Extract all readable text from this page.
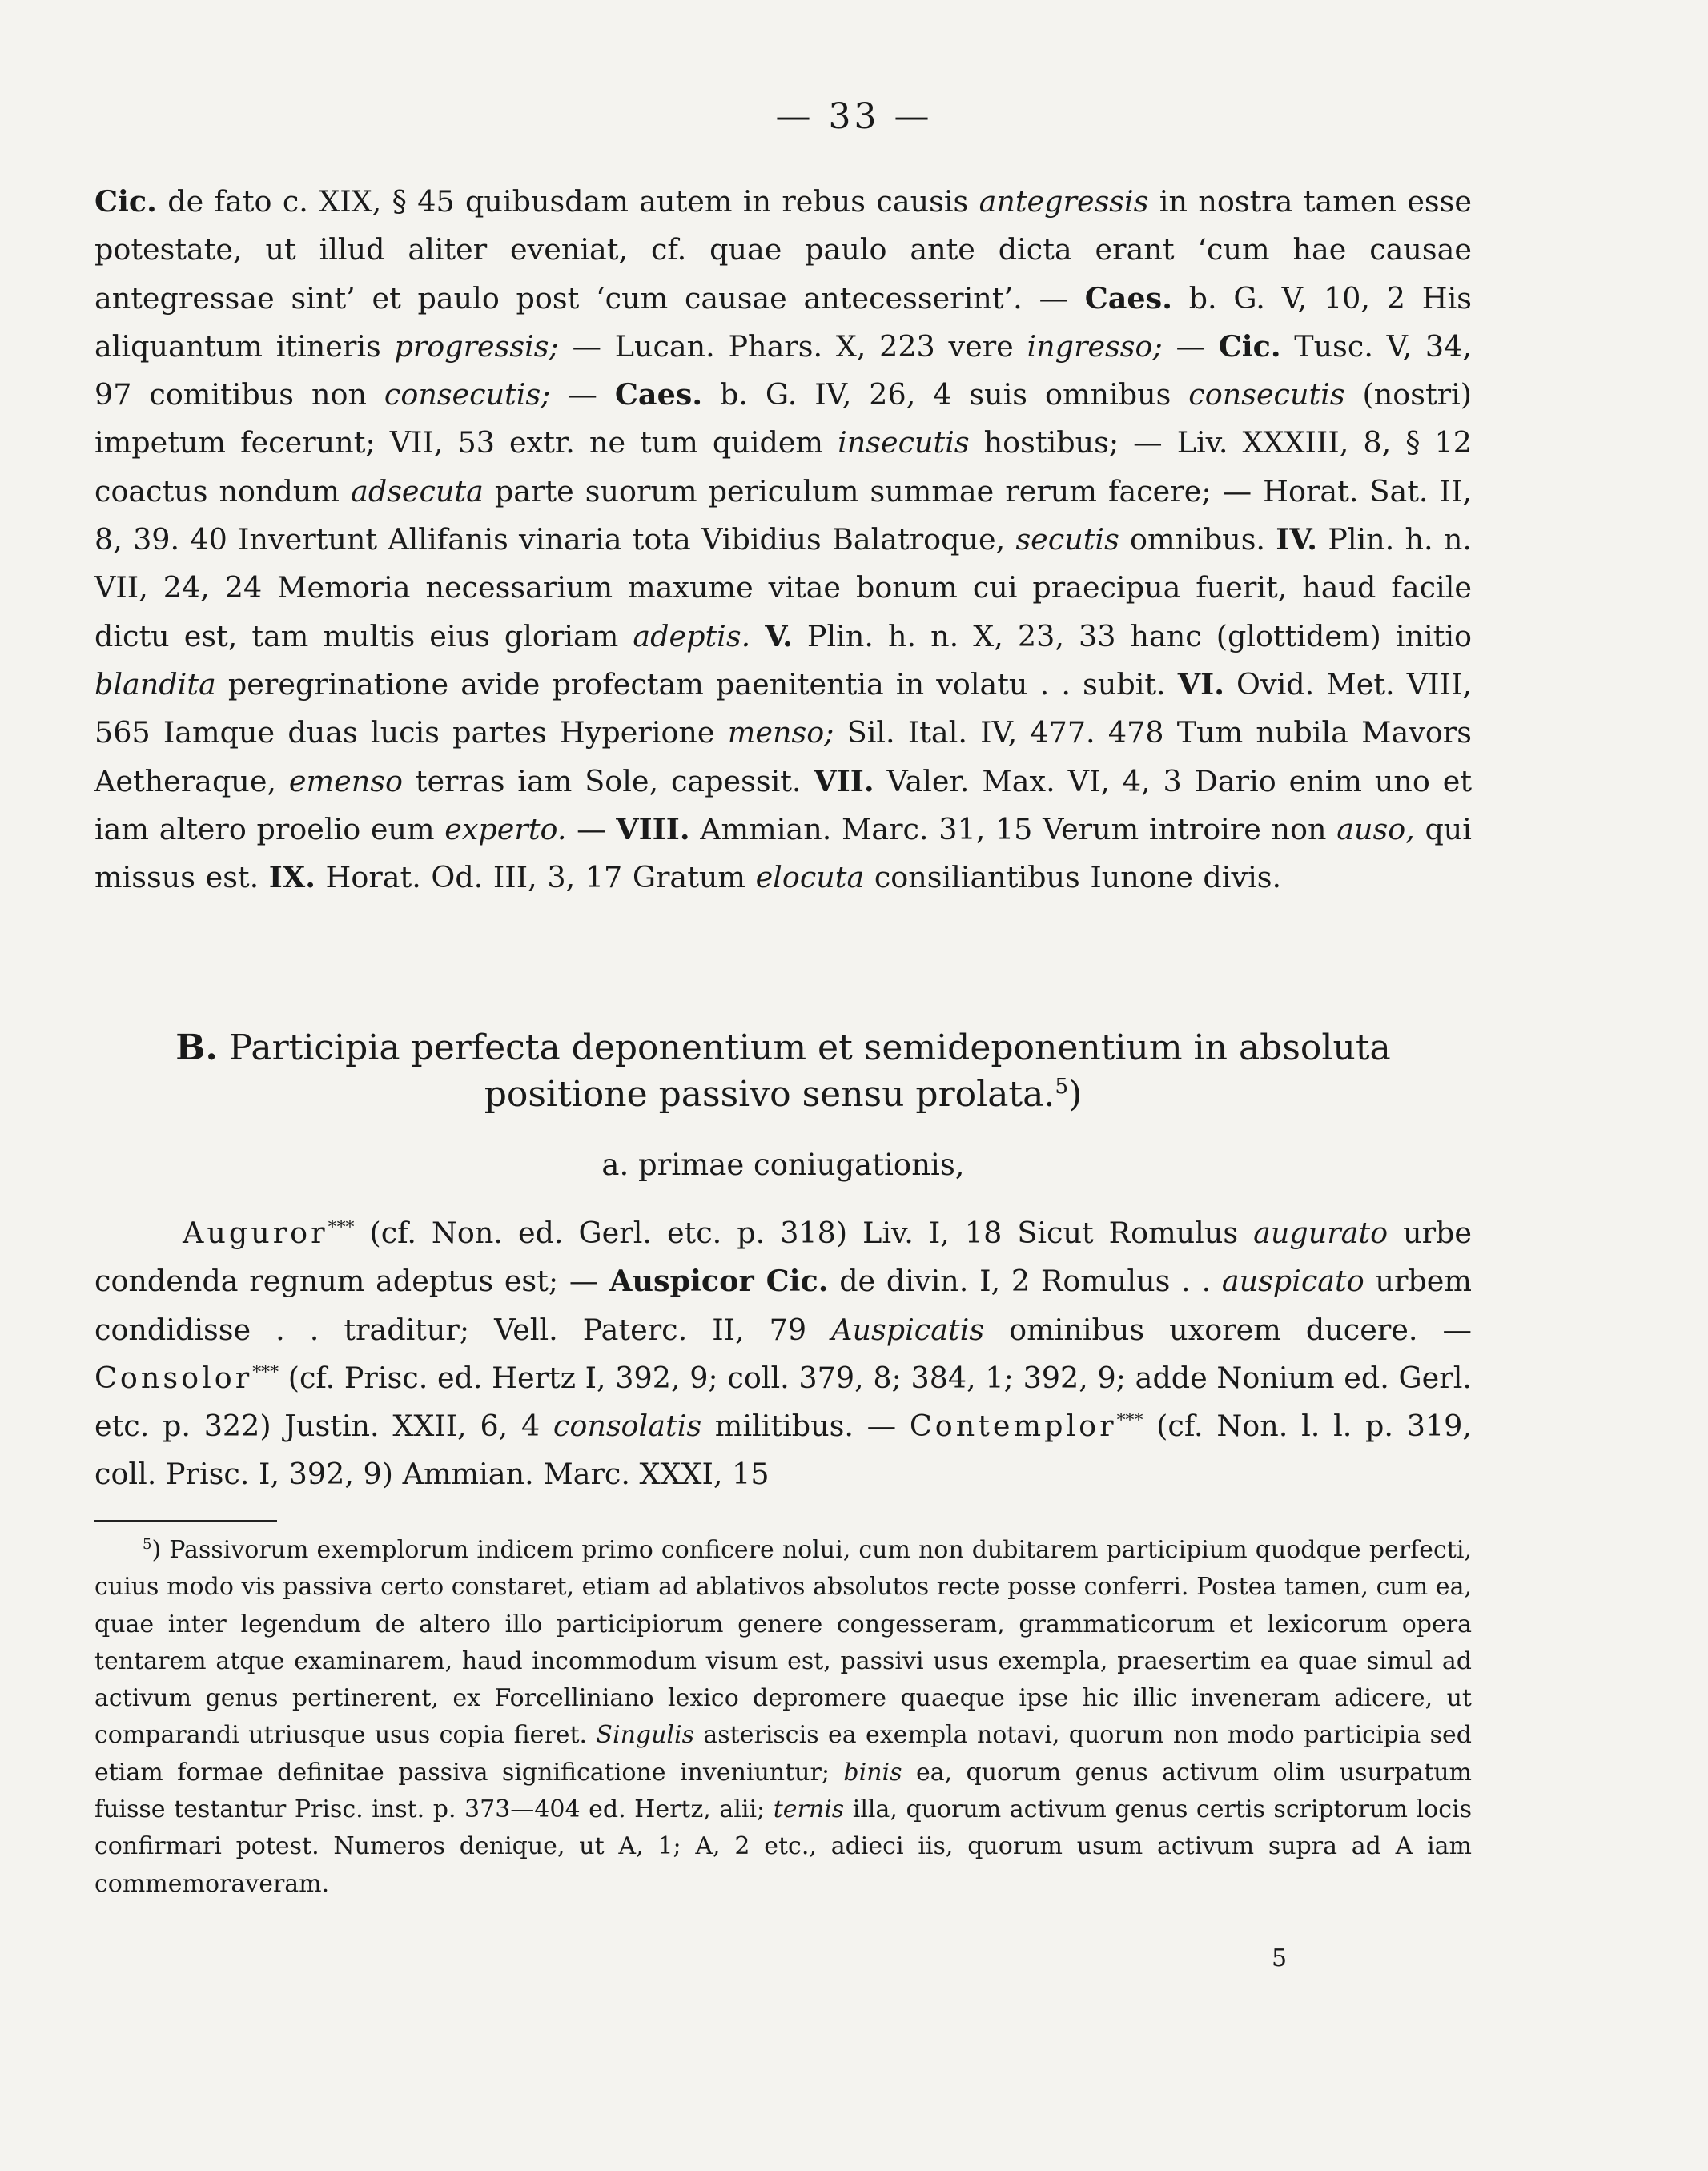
— 33 —
Cic. de fato c. XIX, § 45 quibusdam autem in rebus causis antegressis in nostra tamen esse potestate, ut illud aliter eveniat, cf. quae paulo ante dicta erant ‘cum hae causae antegressae sint’ et paulo post ‘cum causae antecesserint’. — Caes. b. G. V, 10, 2 His aliquantum itineris progressis; — Lucan. Phars. X, 223 vere ingresso; — Cic. Tusc. V, 34, 97 comitibus non consecutis; — Caes. b. G. IV, 26, 4 suis omnibus consecutis (nostri) impetum fecerunt; VII, 53 extr. ne tum quidem insecutis hostibus; — Liv. XXXIII, 8, § 12 coactus nondum adsecuta parte suorum periculum summae rerum facere; — Horat. Sat. II, 8, 39. 40 Invertunt Allifanis vinaria tota Vibidius Balatroque, secutis omnibus. IV. Plin. h. n. VII, 24, 24 Memoria necessarium maxume vitae bonum cui praecipua fuerit, haud facile dictu est, tam multis eius gloriam adeptis. V. Plin. h. n. X, 23, 33 hanc (glottidem) initio blandita peregrinatione avide profectam paenitentia in volatu . . subit. VI. Ovid. Met. VIII, 565 Iamque duas lucis partes Hyperione menso; Sil. Ital. IV, 477. 478 Tum nubila Mavors Aetheraque, emenso terras iam Sole, capessit. VII. Valer. Max. VI, 4, 3 Dario enim uno et iam altero proelio eum experto. — VIII. Ammian. Marc. 31, 15 Verum introire non auso, qui missus est. IX. Horat. Od. III, 3, 17 Gratum elocuta consiliantibus Iunone divis.
B. Participia perfecta deponentium et semideponentium in absoluta positione passivo sensu prolata.$^5$)
a. primae coniugationis,

Auguror*** (cf. Non. ed. Gerl. etc. p. 318) Liv. I, 18 Sicut Romulus augurato urbe condenda regnum adeptus est; — Auspicor Cic. de divin. I, 2 Romulus . . auspicato urbem condidisse . . traditur; Vell. Paterc. II, 79 Auspicatis ominibus uxorem ducere. — Consolor*** (cf. Prisc. ed. Hertz I, 392, 9; coll. 379, 8; 384, 1; 392, 9; adde Nonium ed. Gerl. etc. p. 322) Justin. XXII, 6, 4 consolatis militibus. — Contemplor*** (cf. Non. l. l. p. 319, coll. Prisc. I, 392, 9) Ammian. Marc. XXXI, 15

$^5$) Passivorum exemplorum indicem primo conficere nolui, cum non dubitarem participium quodque perfecti, cuius modo vis passiva certo constaret, etiam ad ablativos absolutos recte posse conferri. Postea tamen, cum ea, quae inter legendum de altero illo participiorum genere congesseram, grammaticorum et lexicorum opera tentarem atque examinarem, haud incommodum visum est, passivi usus exempla, praesertim ea quae simul ad activum genus pertinerent, ex Forcelliniano lexico depromere quaeque ipse hic illic inveneram adicere, ut comparandi utriusque usus copia fieret. Singulis asteriscis ea exempla notavi, quorum non modo participia sed etiam formae definitae passiva significatione inveniuntur; binis ea, quorum genus activum olim usurpatum fuisse testantur Prisc. inst. p. 373—404 ed. Hertz, alii; ternis illa, quorum activum genus certis scriptorum locis confirmari potest. Numeros denique, ut A, 1; A, 2 etc., adieci iis, quorum usum activum supra ad A iam commemoraveram.

5
